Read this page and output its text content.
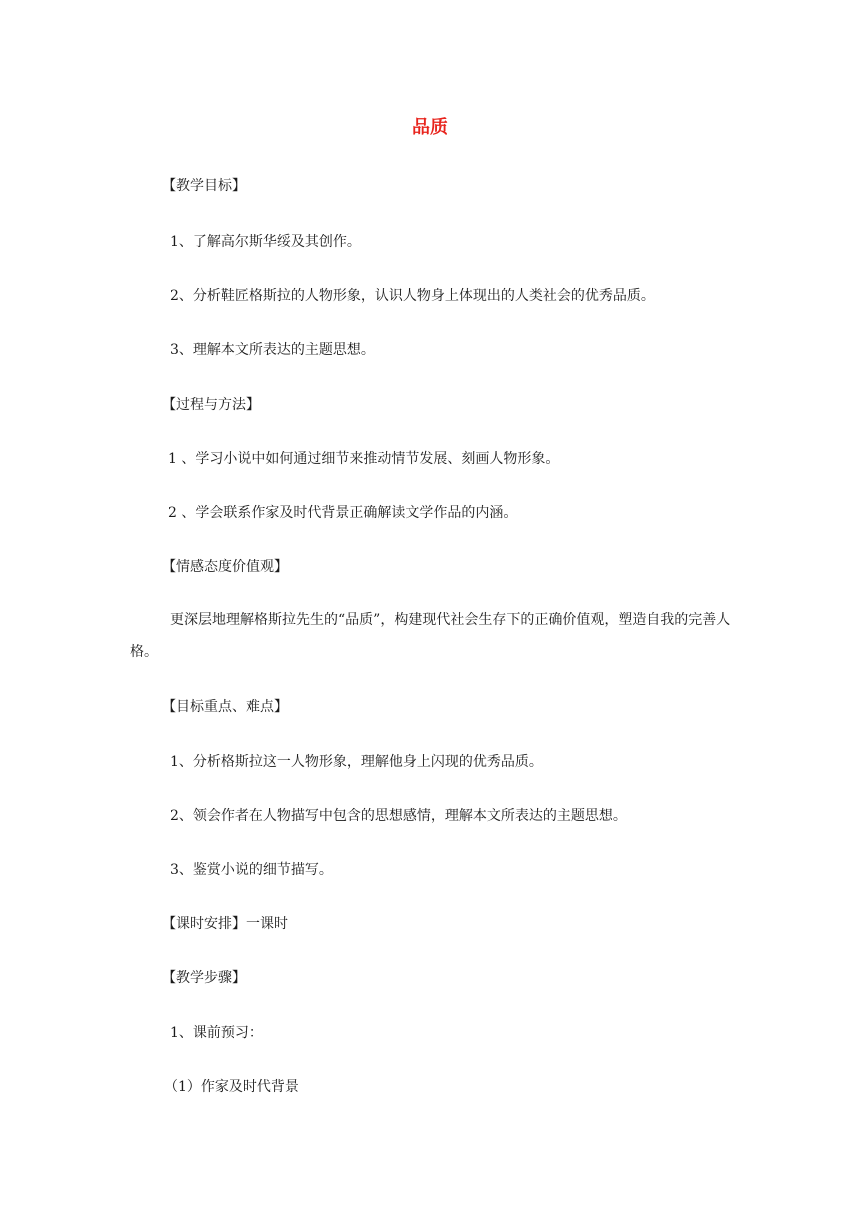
品质

【教学目标】

1、了解高尔斯华绥及其创作。

2、分析鞋匠格斯拉的人物形象，认识人物身上体现出的人类社会的优秀品质。

3、理解本文所表达的主题思想。

【过程与方法】

1 、学习小说中如何通过细节来推动情节发展、刻画人物形象。

2 、学会联系作家及时代背景正确解读文学作品的内涵。

【情感态度价值观】

更深层地理解格斯拉先生的“品质”，构建现代社会生存下的正确价值观，塑造自我的完善人格。

【目标重点、难点】

1、分析格斯拉这一人物形象，理解他身上闪现的优秀品质。

2、领会作者在人物描写中包含的思想感情，理解本文所表达的主题思想。

3、鉴赏小说的细节描写。

【课时安排】一课时

【教学步骤】

1、课前预习：

（1）作家及时代背景
